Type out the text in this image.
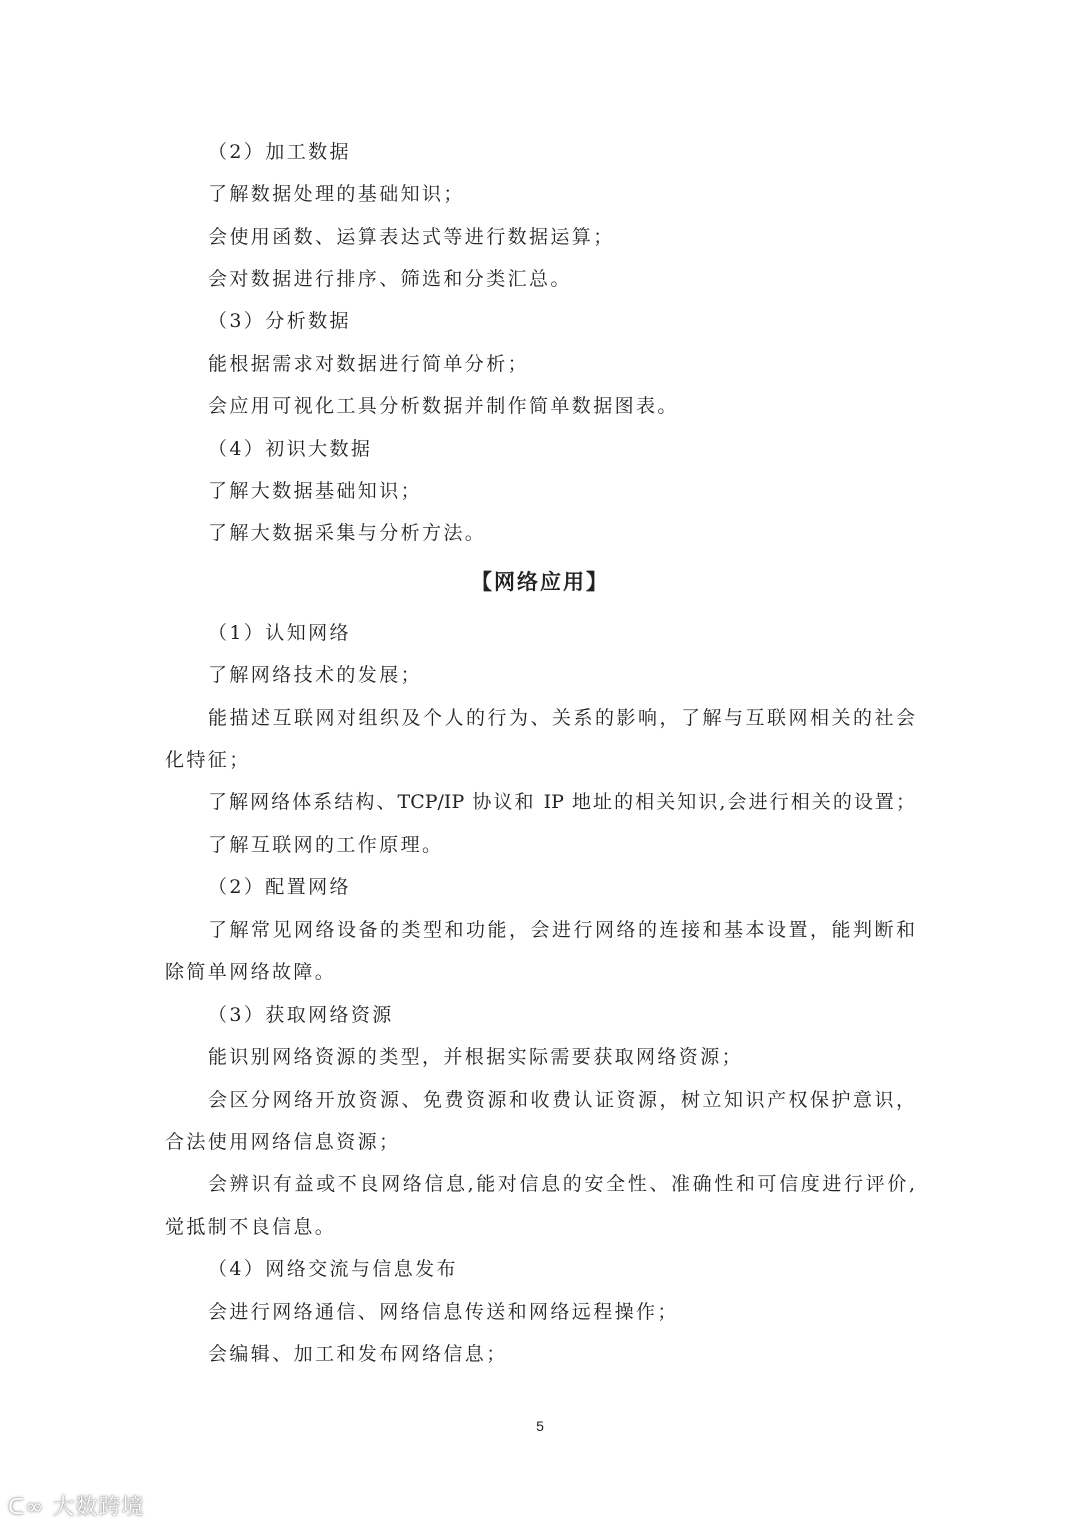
（2）加工数据
了解数据处理的基础知识；
会使用函数、运算表达式等进行数据运算；
会对数据进行排序、筛选和分类汇总。
（3）分析数据
能根据需求对数据进行简单分析；
会应用可视化工具分析数据并制作简单数据图表。
（4）初识大数据
了解大数据基础知识；
了解大数据采集与分析方法。
【网络应用】
（1）认知网络
了解网络技术的发展；
能描述互联网对组织及个人的行为、关系的影响，了解与互联网相关的社会
化特征；
了解网络体系结构、TCP/IP 协议和 IP 地址的相关知识,会进行相关的设置；
了解互联网的工作原理。
（2）配置网络
了解常见网络设备的类型和功能，会进行网络的连接和基本设置，能判断和
除简单网络故障。
（3）获取网络资源
能识别网络资源的类型，并根据实际需要获取网络资源；
会区分网络开放资源、免费资源和收费认证资源，树立知识产权保护意识，
合法使用网络信息资源；
会辨识有益或不良网络信息,能对信息的安全性、准确性和可信度进行评价,
觉抵制不良信息。
（4）网络交流与信息发布
会进行网络通信、网络信息传送和网络远程操作；
会编辑、加工和发布网络信息；
5
ᑕ∞ 大数跨境
